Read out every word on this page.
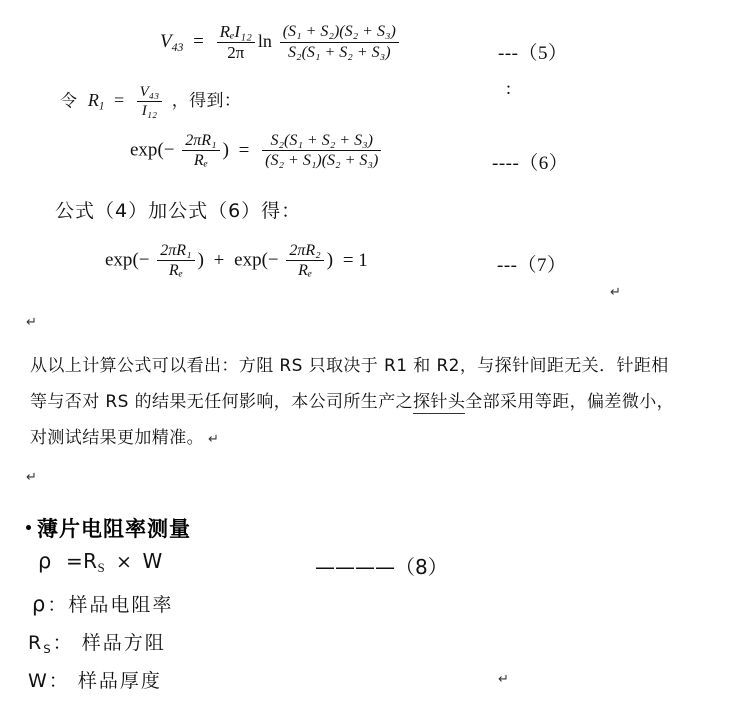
$V_{43} = \frac{\text{RₑI₁₂}}{2\pi}$ $\ln \frac{\text{(S₁ + S₂)(S₂ + S₃)}}{\text{S₂(S₁ + S₂ + S₃)}}$	---（5）
令 $R_1 = \frac{\text{V₄₃}}{\text{I₁₂}}$ ，得到：
:
$\exp(- \frac{\text{2πR₁}}{\text{Rₑ}}$ ) = $\frac{\text{S₂(S₁ + S₂ + S₃)}}{\text{(S₂ + S₁)(S₂ + S₃)}}$	----（6）
公式（4）加公式（6）得：
$\exp(- \frac{\text{2πR₁}}{\text{Rₑ}}$ ) + $\exp(- \frac{\text{2πR₂}}{\text{Rₑ}}$ ) = 1	---（7）
↵
↵
从以上计算公式可以看出：方阻 RS 只取决于 R1 和 R2，与探针间距无关．针距相
等与否对 RS 的结果无任何影响，本公司所生产之探针头全部采用等距，偏差微小，
对测试结果更加精准。 ↵
↵
薄片电阻率测量
ρ =RS × W	————（8）
ρ：样品电阻率
RS： 样品方阻
W： 样品厚度	↵
